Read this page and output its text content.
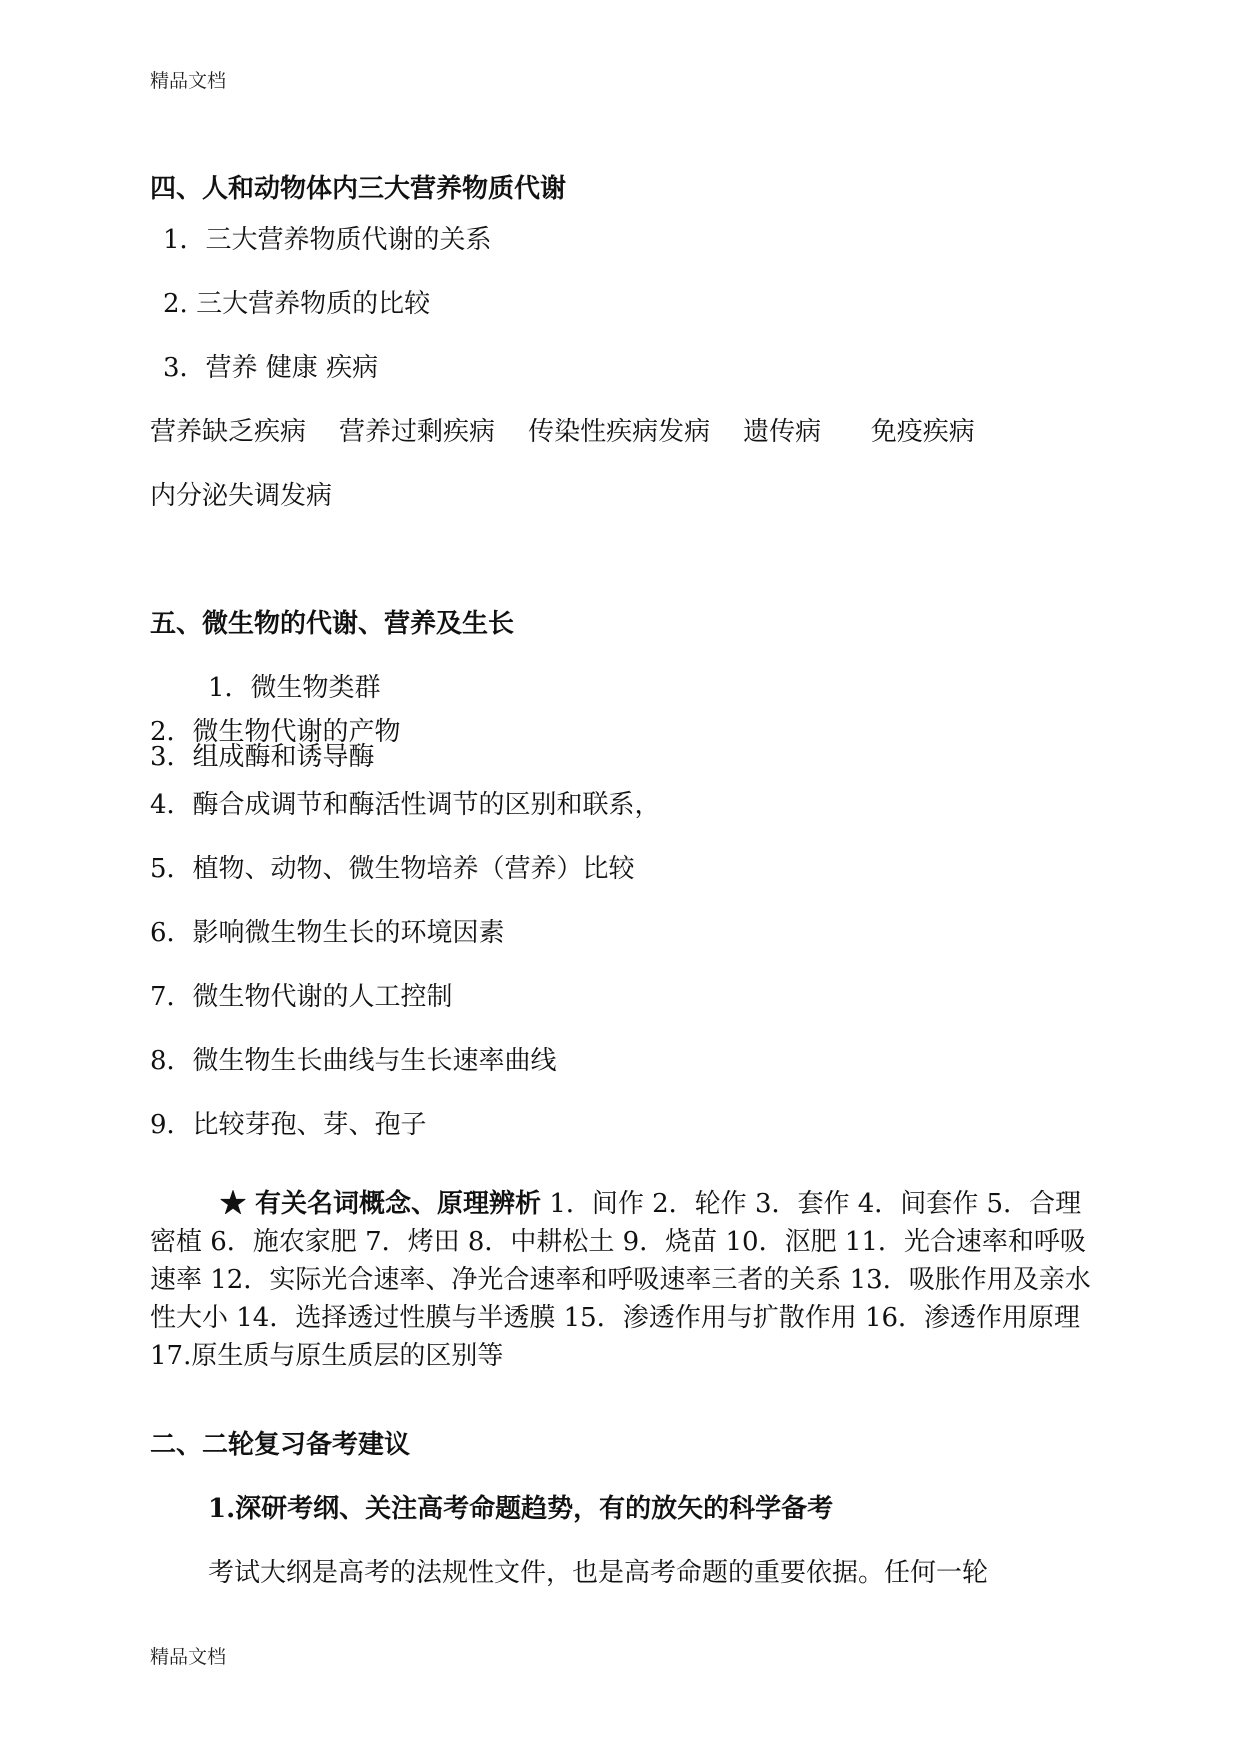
精品文档
四、人和动物体内三大营养物质代谢
1．三大营养物质代谢的关系
2. 三大营养物质的比较
3．营养 健康 疾病
营养缺乏疾病    营养过剩疾病    传染性疾病发病    遗传病      免疫疾病
内分泌失调发病
五、微生物的代谢、营养及生长
1．微生物类群
2．微生物代谢的产物
3．组成酶和诱导酶
4．酶合成调节和酶活性调节的区别和联系，
5．植物、动物、微生物培养（营养）比较
6．影响微生物生长的环境因素
7．微生物代谢的人工控制
8．微生物生长曲线与生长速率曲线
9．比较芽孢、芽、孢子
★ 有关名词概念、原理辨析 1．间作 2．轮作 3．套作 4．间套作 5．合理密植 6．施农家肥 7．烤田 8．中耕松土 9．烧苗 10．沤肥 11．光合速率和呼吸速率 12．实际光合速率、净光合速率和呼吸速率三者的关系 13．吸胀作用及亲水性大小 14．选择透过性膜与半透膜 15．渗透作用与扩散作用 16．渗透作用原理 17.原生质与原生质层的区别等
二、二轮复习备考建议
1.深研考纲、关注高考命题趋势，有的放矢的科学备考
考试大纲是高考的法规性文件，也是高考命题的重要依据。任何一轮
精品文档
